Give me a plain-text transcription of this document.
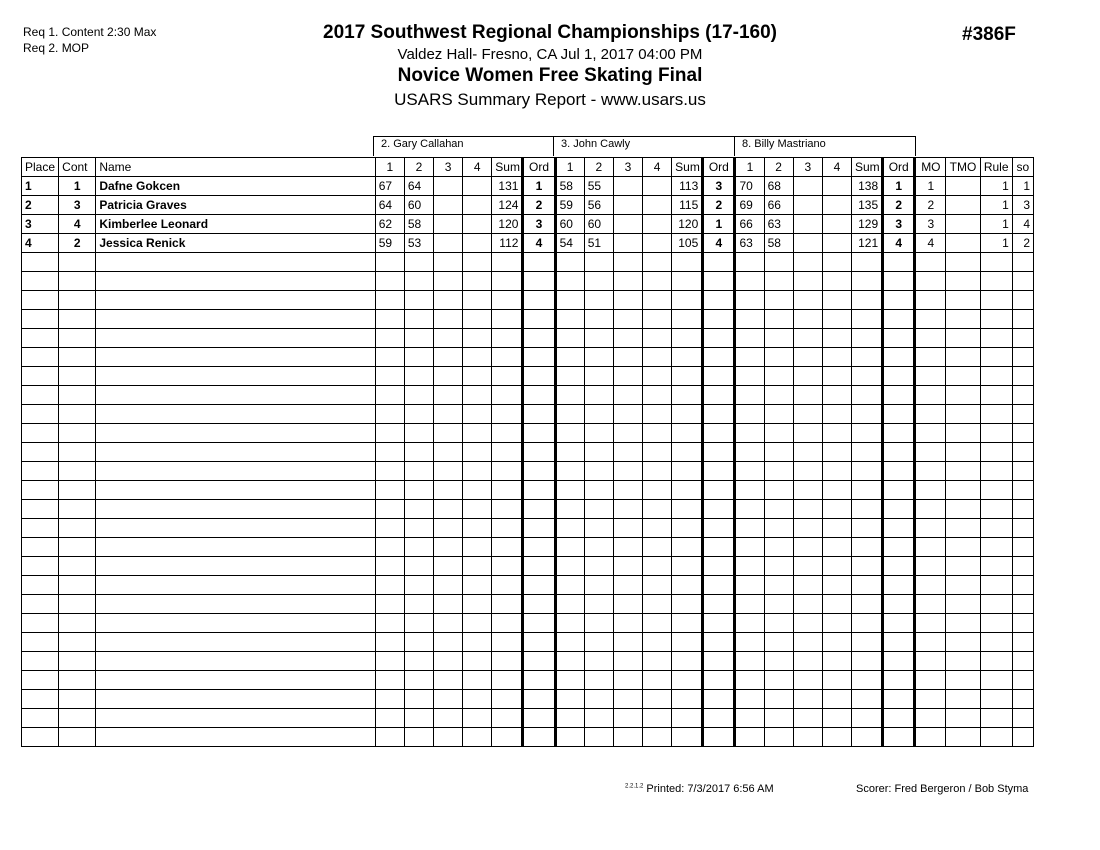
Req 1. Content 2:30 Max
Req 2. MOP
2017 Southwest Regional Championships (17-160)
Valdez Hall- Fresno, CA Jul 1, 2017 04:00 PM
Novice Women Free Skating Final
USARS Summary Report - www.usars.us
#386F
2. Gary Callahan	3. John Cawly	8. Billy Mastriano
Place	Cont	Name	1	2	3	4	Sum	Ord	1	2	3	4	Sum	Ord	1	2	3	4	Sum	Ord	MO	TMO	Rule	so
1	1	Dafne Gokcen	67	64			131	1	58	55			113	3	70	68			138	1	1		1	1
2	3	Patricia Graves	64	60			124	2	59	56			115	2	69	66			135	2	2		1	3
3	4	Kimberlee Leonard	62	58			120	3	60	60			120	1	66	63			129	3	3		1	4
4	2	Jessica Renick	59	53			112	4	54	51			105	4	63	58			121	4	4		1	2

$^{2.2.1.2}$ Printed: 7/3/2017 6:56 AM	Scorer: Fred Bergeron / Bob Styma
